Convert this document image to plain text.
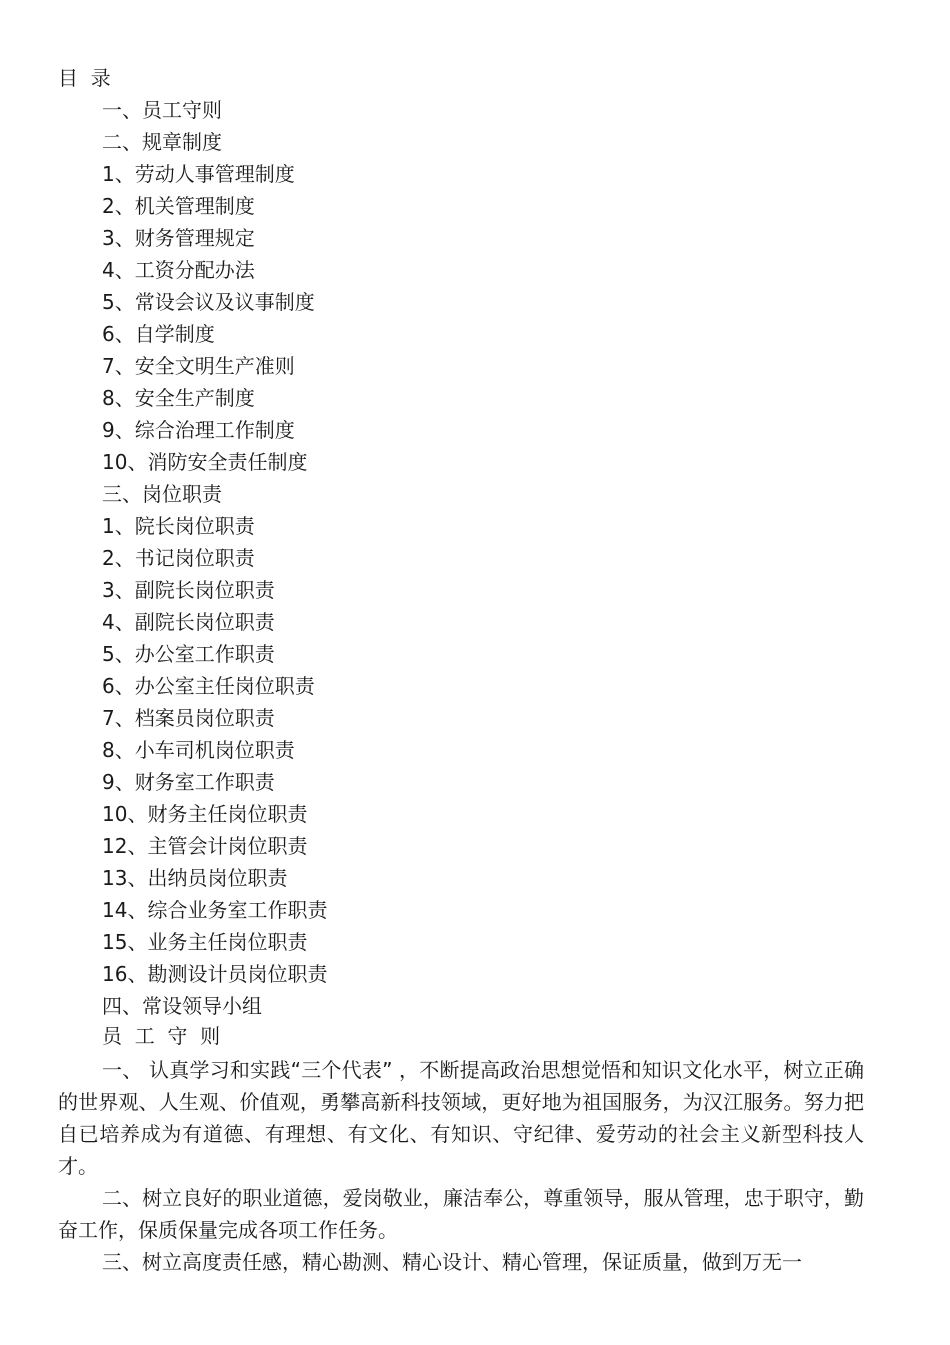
目  录
一、员工守则
二、规章制度
1、劳动人事管理制度
2、机关管理制度
3、财务管理规定
4、工资分配办法
5、常设会议及议事制度
6、自学制度
7、安全文明生产准则
8、安全生产制度
9、综合治理工作制度
10、消防安全责任制度
三、岗位职责
1、院长岗位职责
2、书记岗位职责
3、副院长岗位职责
4、副院长岗位职责
5、办公室工作职责
6、办公室主任岗位职责
7、档案员岗位职责
8、小车司机岗位职责
9、财务室工作职责
10、财务主任岗位职责
12、主管会计岗位职责
13、出纳员岗位职责
14、综合业务室工作职责
15、业务主任岗位职责
16、勘测设计员岗位职责
四、常设领导小组
员  工  守  则

一、 认真学习和实践“三个代表” ，不断提高政治思想觉悟和知识文化水平，树立正确的世界观、人生观、价值观，勇攀高新科技领域，更好地为祖国服务，为汉江服务。努力把自已培养成为有道德、有理想、有文化、有知识、守纪律、爱劳动的社会主义新型科技人才。

二、树立良好的职业道德，爱岗敬业，廉洁奉公，尊重领导，服从管理，忠于职守，勤奋工作，保质保量完成各项工作任务。

三、树立高度责任感，精心勘测、精心设计、精心管理，保证质量，做到万无一
